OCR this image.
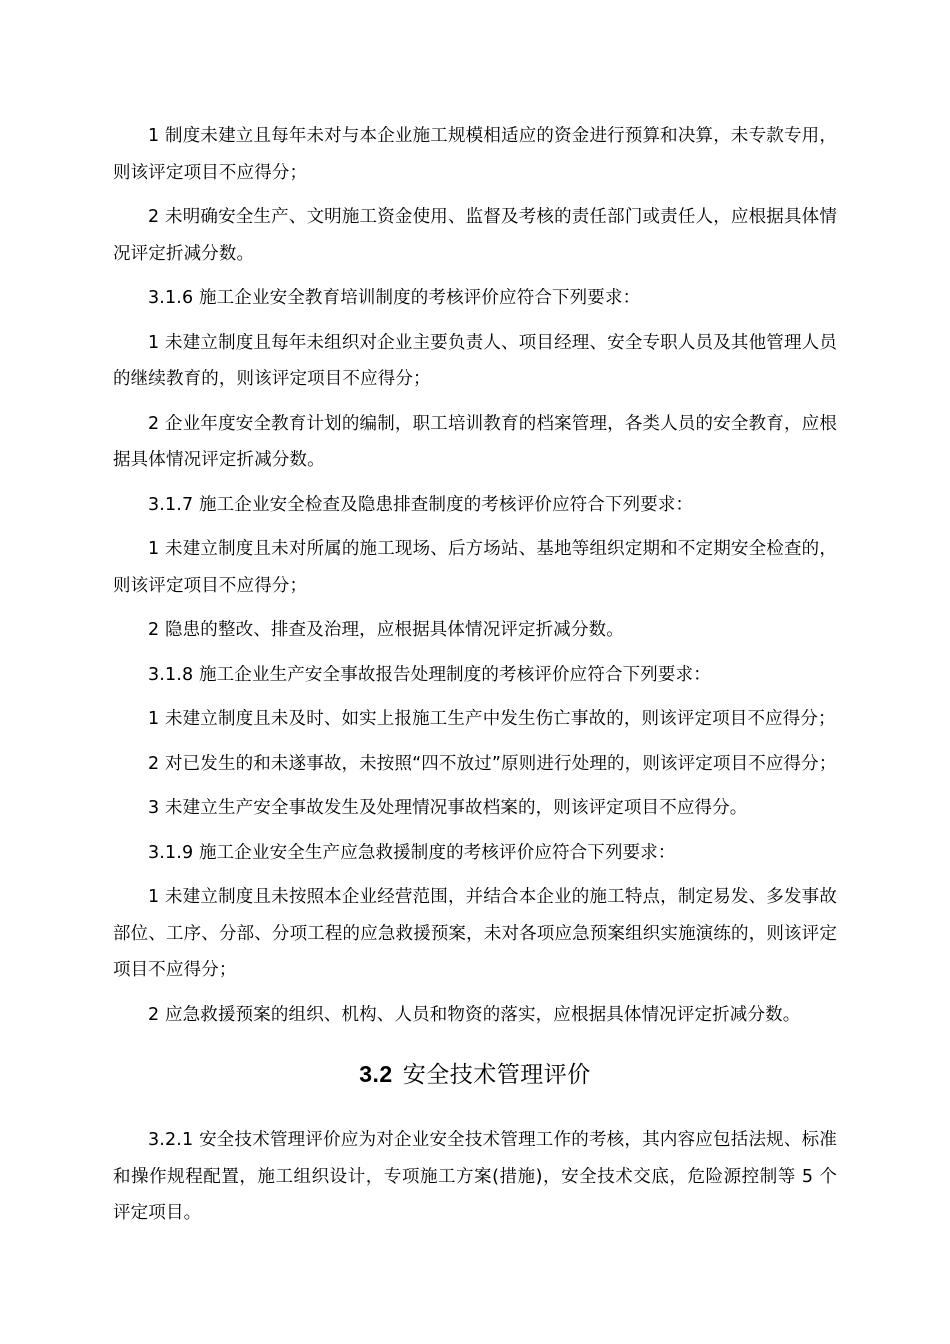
1 制度未建立且每年未对与本企业施工规模相适应的资金进行预算和决算，未专款专用，则该评定项目不应得分；

2 未明确安全生产、文明施工资金使用、监督及考核的责任部门或责任人，应根据具体情况评定折减分数。

3.1.6 施工企业安全教育培训制度的考核评价应符合下列要求：

1 未建立制度且每年未组织对企业主要负责人、项目经理、安全专职人员及其他管理人员的继续教育的，则该评定项目不应得分；

2 企业年度安全教育计划的编制，职工培训教育的档案管理，各类人员的安全教育，应根据具体情况评定折减分数。

3.1.7 施工企业安全检查及隐患排查制度的考核评价应符合下列要求：

1 未建立制度且未对所属的施工现场、后方场站、基地等组织定期和不定期安全检查的，则该评定项目不应得分；

2 隐患的整改、排查及治理，应根据具体情况评定折减分数。

3.1.8 施工企业生产安全事故报告处理制度的考核评价应符合下列要求：

1 未建立制度且未及时、如实上报施工生产中发生伤亡事故的，则该评定项目不应得分；

2 对已发生的和未遂事故，未按照“四不放过”原则进行处理的，则该评定项目不应得分；

3 未建立生产安全事故发生及处理情况事故档案的，则该评定项目不应得分。

3.1.9 施工企业安全生产应急救援制度的考核评价应符合下列要求：

1 未建立制度且未按照本企业经营范围，并结合本企业的施工特点，制定易发、多发事故部位、工序、分部、分项工程的应急救援预案，未对各项应急预案组织实施演练的，则该评定项目不应得分；

2 应急救援预案的组织、机构、人员和物资的落实，应根据具体情况评定折减分数。

3.2 安全技术管理评价

3.2.1 安全技术管理评价应为对企业安全技术管理工作的考核，其内容应包括法规、标准和操作规程配置，施工组织设计，专项施工方案(措施)，安全技术交底，危险源控制等 5 个评定项目。
